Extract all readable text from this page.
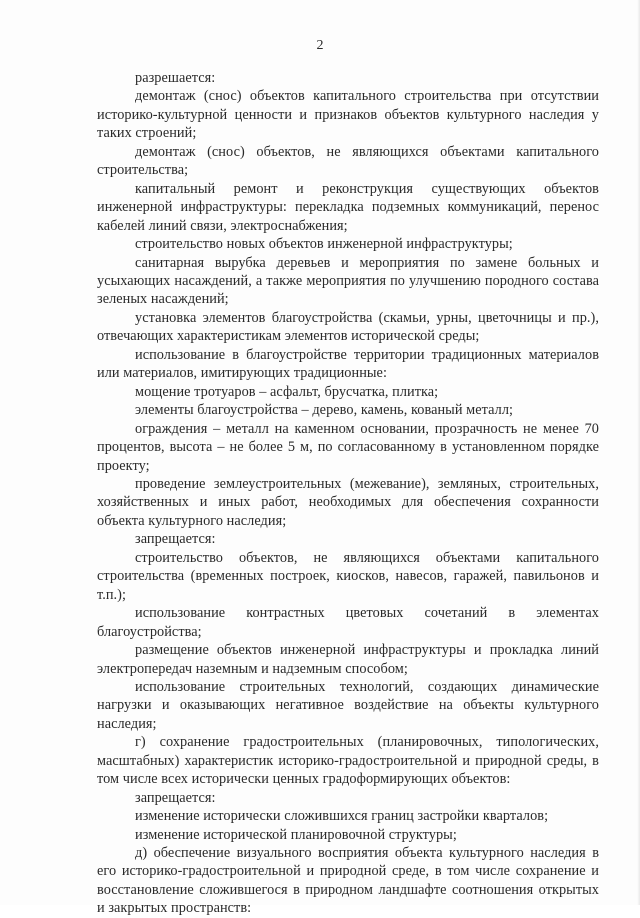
2

разрешается:

демонтаж (снос) объектов капитального строительства при отсутствии историко-культурной ценности и признаков объектов культурного наследия у таких строений;

демонтаж (снос) объектов, не являющихся объектами капитального строительства;

капитальный ремонт и реконструкция существующих объектов инженерной инфраструктуры: перекладка подземных коммуникаций, перенос кабелей линий связи, электроснабжения;

строительство новых объектов инженерной инфраструктуры;

санитарная вырубка деревьев и мероприятия по замене больных и усыхающих насаждений, а также мероприятия по улучшению породного состава зеленых насаждений;

установка элементов благоустройства (скамьи, урны, цветочницы и пр.), отвечающих характеристикам элементов исторической среды;

использование в благоустройстве территории традиционных материалов или материалов, имитирующих традиционные:

мощение тротуаров – асфальт, брусчатка, плитка;

элементы благоустройства – дерево, камень, кованый металл;

ограждения – металл на каменном основании, прозрачность не менее 70 процентов, высота – не более 5 м, по согласованному в установленном порядке проекту;

проведение землеустроительных (межевание), земляных, строительных, хозяйственных и иных работ, необходимых для обеспечения сохранности объекта культурного наследия;

запрещается:

строительство объектов, не являющихся объектами капитального строительства (временных построек, киосков, навесов, гаражей, павильонов и т.п.);

использование контрастных цветовых сочетаний в элементах благоустройства;

размещение объектов инженерной инфраструктуры и прокладка линий электропередач наземным и надземным способом;

использование строительных технологий, создающих динамические нагрузки и оказывающих негативное воздействие на объекты культурного наследия;

г) сохранение градостроительных (планировочных, типологических, масштабных) характеристик историко-градостроительной и природной среды, в том числе всех исторически ценных градоформирующих объектов:

запрещается:

изменение исторически сложившихся границ застройки кварталов;

изменение исторической планировочной структуры;

д) обеспечение визуального восприятия объекта культурного наследия в его историко-градостроительной и природной среде, в том числе сохранение и восстановление сложившегося в природном ландшафте соотношения открытых и закрытых пространств:
